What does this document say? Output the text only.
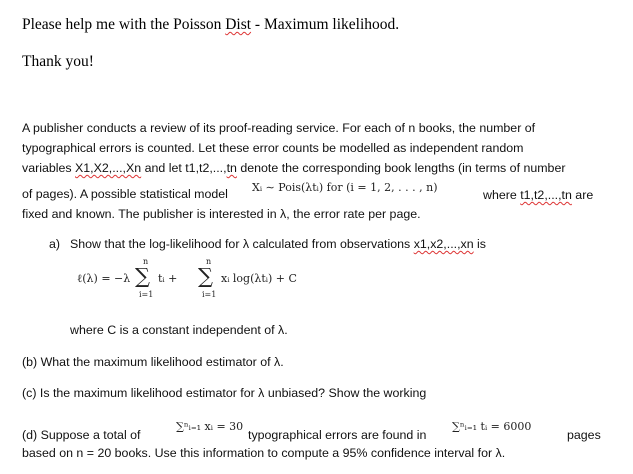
Please help me with the Poisson Dist - Maximum likelihood.
Thank you!
A publisher conducts a review of its proof-reading service. For each of n books, the number of
typographical errors is counted. Let these error counts be modelled as independent random
variables X1,X2,...,Xn and let t1,t2,...,tn denote the corresponding book lengths (in terms of number
of pages). A possible statistical model Xᵢ ∼ Pois(λtᵢ) for (i = 1, 2, . . . , n)
where t1,t2,...,tn are
fixed and known. The publisher is interested in λ, the error rate per page.
a) Show that the log-likelihood for λ calculated from observations x1,x2,...,xn is
ℓ(λ) = −λ
n
∑
i=1
tᵢ +
n
∑
i=1
xᵢ log(λtᵢ) + C
where C is a constant independent of λ.
(b) What the maximum likelihood estimator of λ.
(c) Is the maximum likelihood estimator for λ unbiased? Show the working
(d) Suppose a total of
∑ⁿᵢ₌₁ xᵢ = 30
typographical errors are found in
∑ⁿᵢ₌₁ tᵢ = 6000
pages
based on n = 20 books. Use this information to compute a 95% confidence interval for λ.
